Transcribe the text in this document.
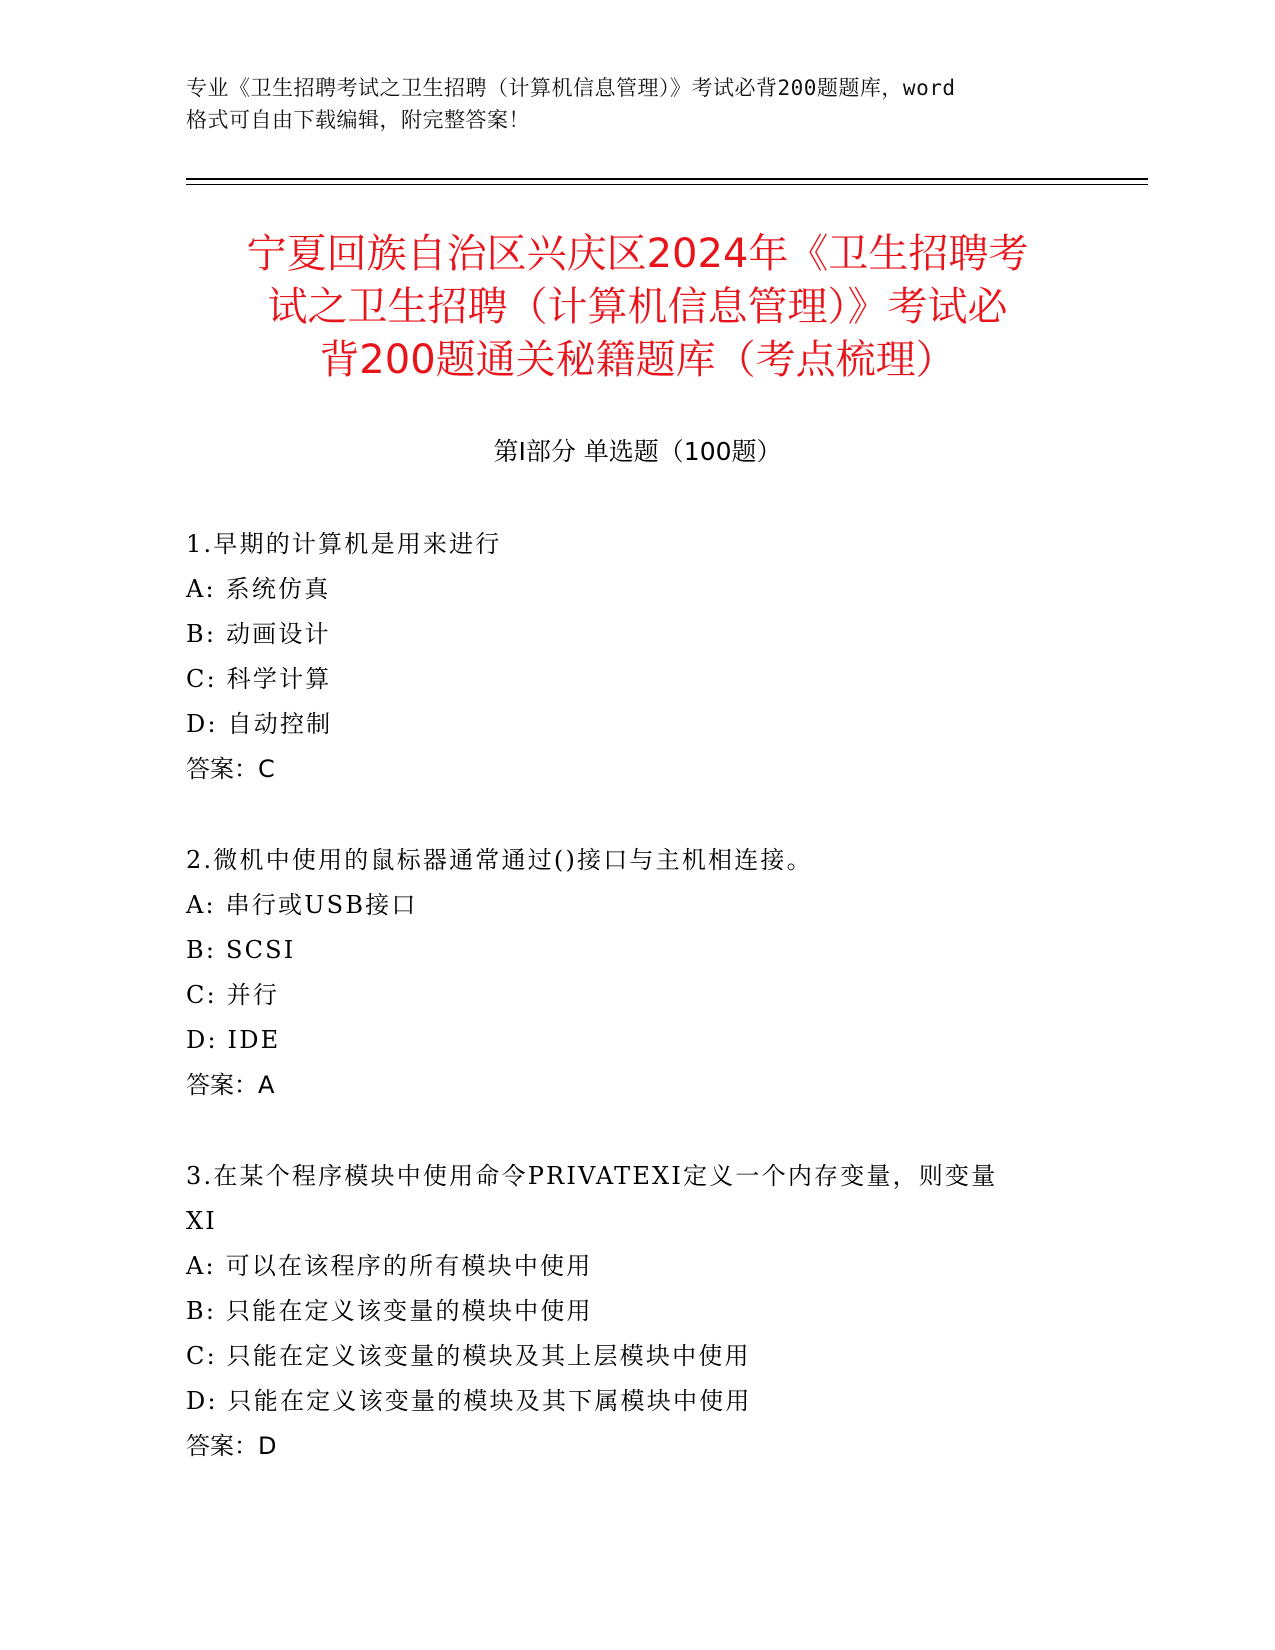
专业《卫生招聘考试之卫生招聘（计算机信息管理）》考试必背200题题库，word
格式可自由下载编辑，附完整答案！
宁夏回族自治区兴庆区2024年《卫生招聘考
试之卫生招聘（计算机信息管理）》考试必
背200题通关秘籍题库（考点梳理）
第I部分 单选题（100题）

1.早期的计算机是用来进行

A: 系统仿真

B: 动画设计

C: 科学计算

D: 自动控制

答案：C

2.微机中使用的鼠标器通常通过()接口与主机相连接。

A: 串行或USB接口

B: SCSI

C: 并行

D: IDE

答案：A

3.在某个程序模块中使用命令PRIVATEXI定义一个内存变量，则变量

XI

A: 可以在该程序的所有模块中使用

B: 只能在定义该变量的模块中使用

C: 只能在定义该变量的模块及其上层模块中使用

D: 只能在定义该变量的模块及其下属模块中使用

答案：D
